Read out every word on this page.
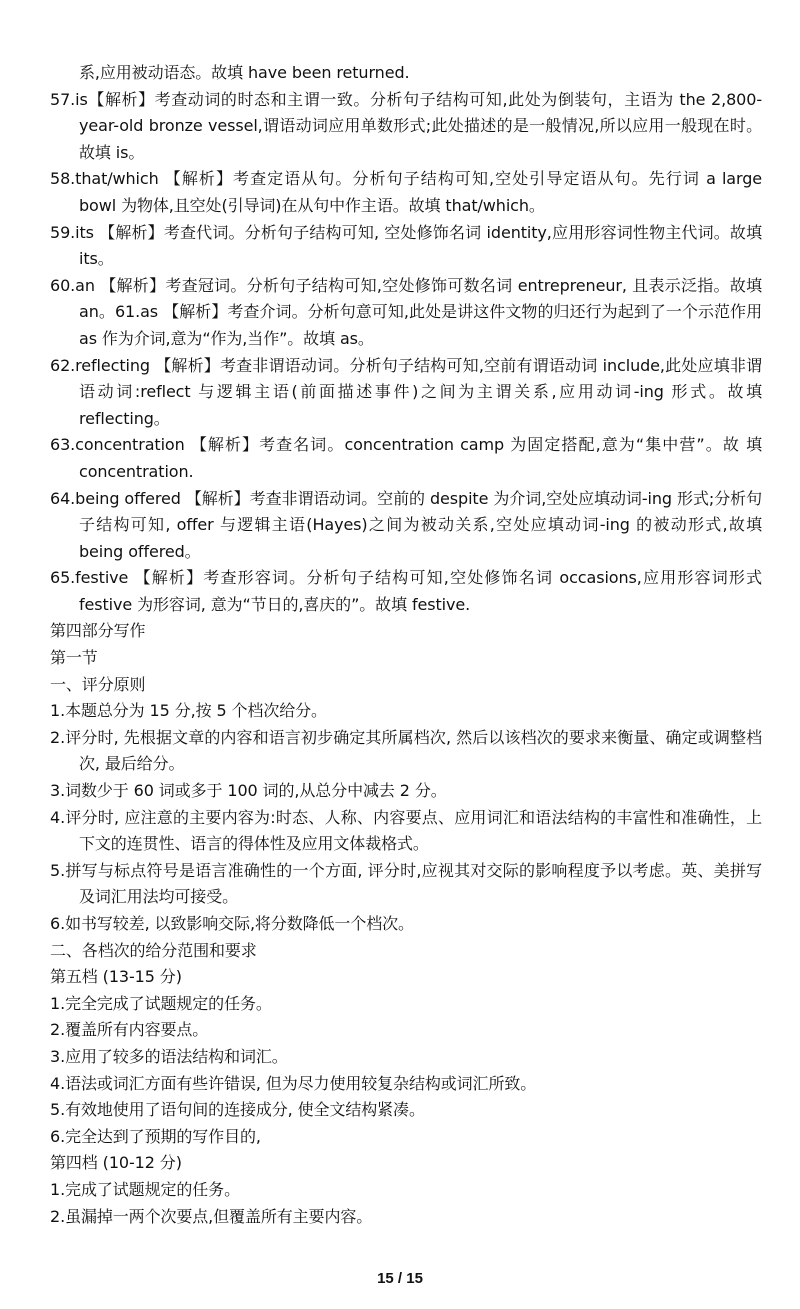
系,应用被动语态。故填 have been returned.

57.is【解析】考查动词的时态和主谓一致。分析句子结构可知,此处为倒装句，主语为 the 2,800-year-old bronze vessel,谓语动词应用单数形式;此处描述的是一般情况,所以应用一般现在时。故填 is。

58.that/which 【解析】考查定语从句。分析句子结构可知,空处引导定语从句。先行词 a large bowl 为物体,且空处(引导词)在从句中作主语。故填 that/which。

59.its 【解析】考查代词。分析句子结构可知, 空处修饰名词 identity,应用形容词性物主代词。故填 its。

60.an 【解析】考查冠词。分析句子结构可知,空处修饰可数名词 entrepreneur, 且表示泛指。故填 an。61.as 【解析】考查介词。分析句意可知,此处是讲这件文物的归还行为起到了一个示范作用 as 作为介词,意为“作为,当作”。故填 as。

62.reflecting 【解析】考查非谓语动词。分析句子结构可知,空前有谓语动词 include,此处应填非谓语动词:reflect 与逻辑主语(前面描述事件)之间为主谓关系,应用动词-ing 形式。故填 reflecting。

63.concentration 【解析】考查名词。concentration camp 为固定搭配,意为“集中营”。故 填 concentration.

64.being offered 【解析】考查非谓语动词。空前的 despite 为介词,空处应填动词-ing 形式;分析句子结构可知, offer 与逻辑主语(Hayes)之间为被动关系,空处应填动词-ing 的被动形式,故填 being offered。

65.festive 【解析】考查形容词。分析句子结构可知,空处修饰名词 occasions,应用形容词形式 festive 为形容词, 意为“节日的,喜庆的”。故填 festive.

第四部分写作

第一节

一、评分原则

1.本题总分为 15 分,按 5 个档次给分。

2.评分时, 先根据文章的内容和语言初步确定其所属档次, 然后以该档次的要求来衡量、确定或调整档次, 最后给分。

3.词数少于 60 词或多于 100 词的,从总分中减去 2 分。

4.评分时, 应注意的主要内容为:时态、人称、内容要点、应用词汇和语法结构的丰富性和准确性，上下文的连贯性、语言的得体性及应用文体裁格式。

5.拼写与标点符号是语言准确性的一个方面, 评分时,应视其对交际的影响程度予以考虑。英、美拼写及词汇用法均可接受。

6.如书写较差, 以致影响交际,将分数降低一个档次。

二、各档次的给分范围和要求

第五档 (13-15 分)

1.完全完成了试题规定的任务。

2.覆盖所有内容要点。

3.应用了较多的语法结构和词汇。

4.语法或词汇方面有些许错误, 但为尽力使用较复杂结构或词汇所致。

5.有效地使用了语句间的连接成分, 使全文结构紧凑。

6.完全达到了预期的写作目的,

第四档 (10-12 分)

1.完成了试题规定的任务。

2.虽漏掉一两个次要点,但覆盖所有主要内容。

15 / 15
